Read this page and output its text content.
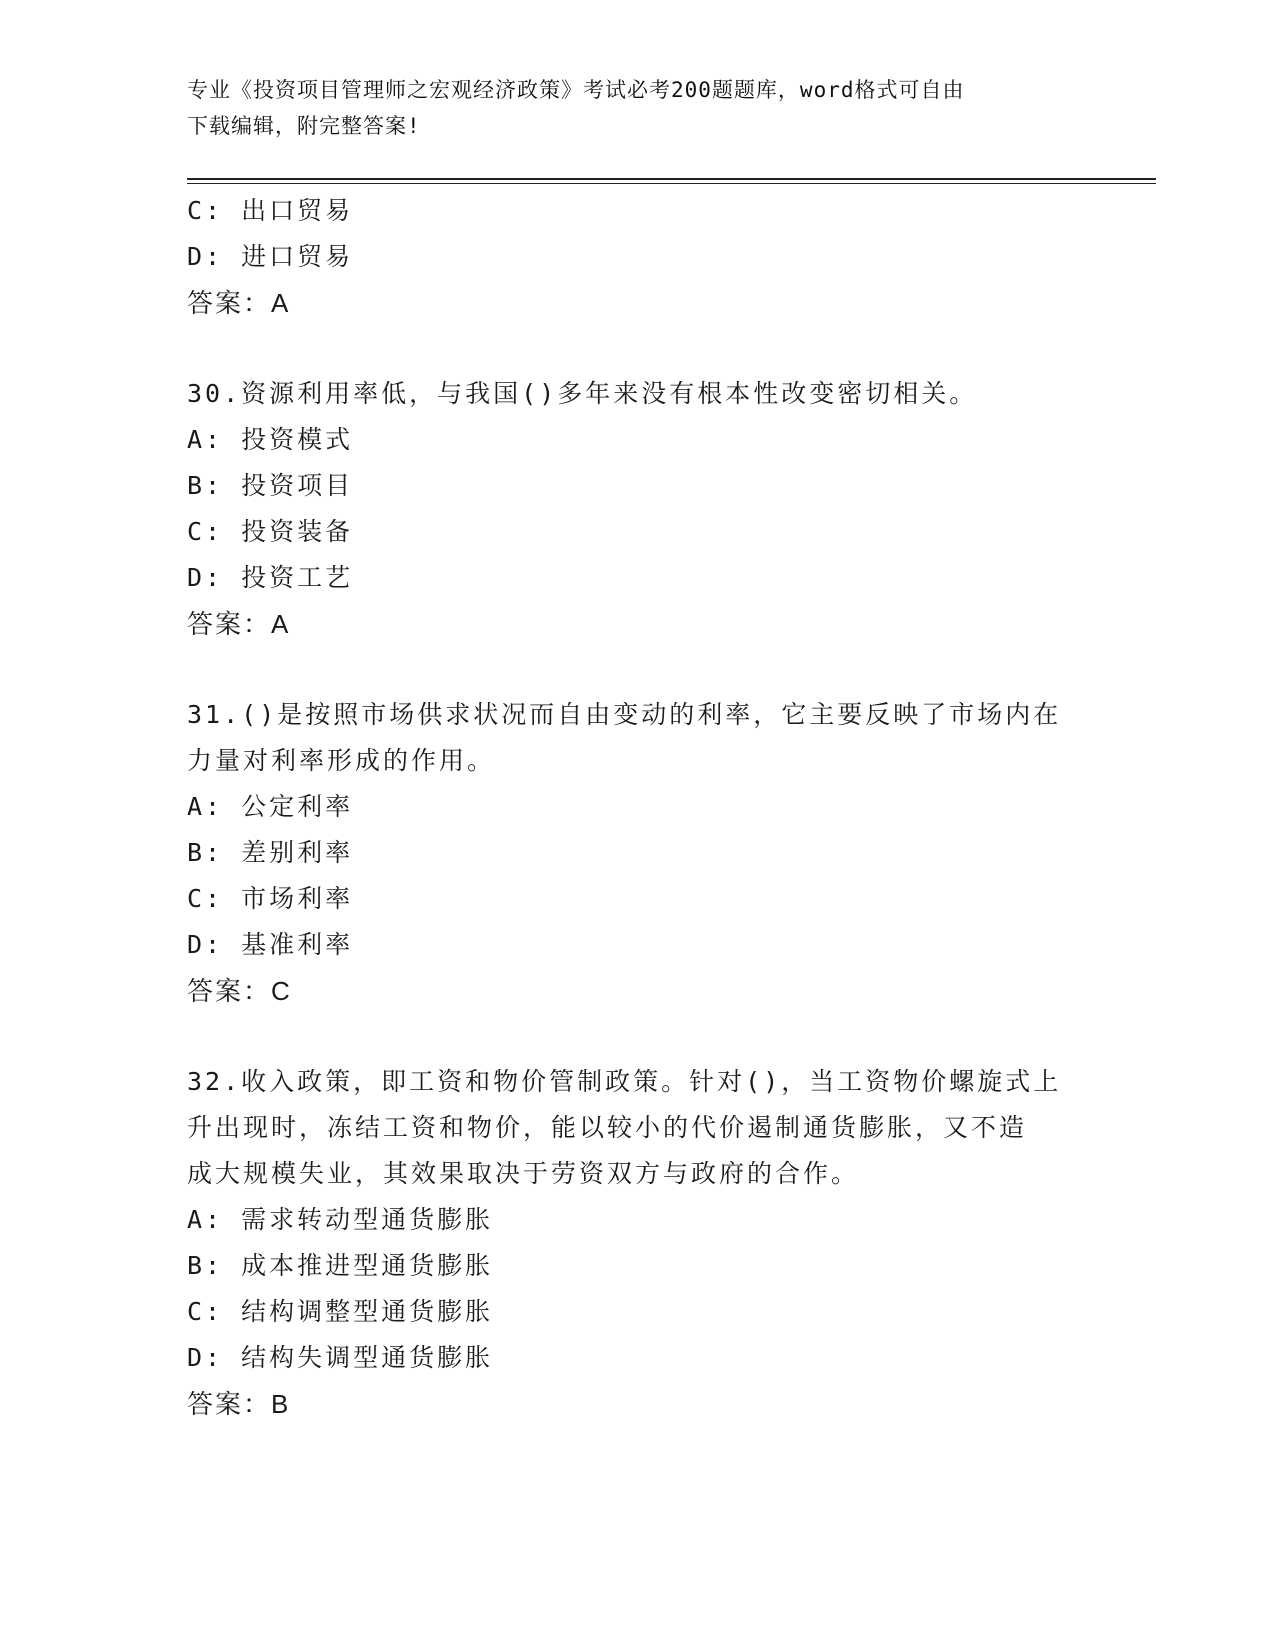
专业《投资项目管理师之宏观经济政策》考试必考200题题库，word格式可自由
下载编辑，附完整答案!
C: 出口贸易
D: 进口贸易
答案：A
30.资源利用率低，与我国()多年来没有根本性改变密切相关。
A: 投资模式
B: 投资项目
C: 投资装备
D: 投资工艺
答案：A
31.()是按照市场供求状况而自由变动的利率，它主要反映了市场内在
力量对利率形成的作用。
A: 公定利率
B: 差别利率
C: 市场利率
D: 基准利率
答案：C
32.收入政策，即工资和物价管制政策。针对()，当工资物价螺旋式上
升出现时，冻结工资和物价，能以较小的代价遏制通货膨胀，又不造
成大规模失业，其效果取决于劳资双方与政府的合作。
A: 需求转动型通货膨胀
B: 成本推进型通货膨胀
C: 结构调整型通货膨胀
D: 结构失调型通货膨胀
答案：B
